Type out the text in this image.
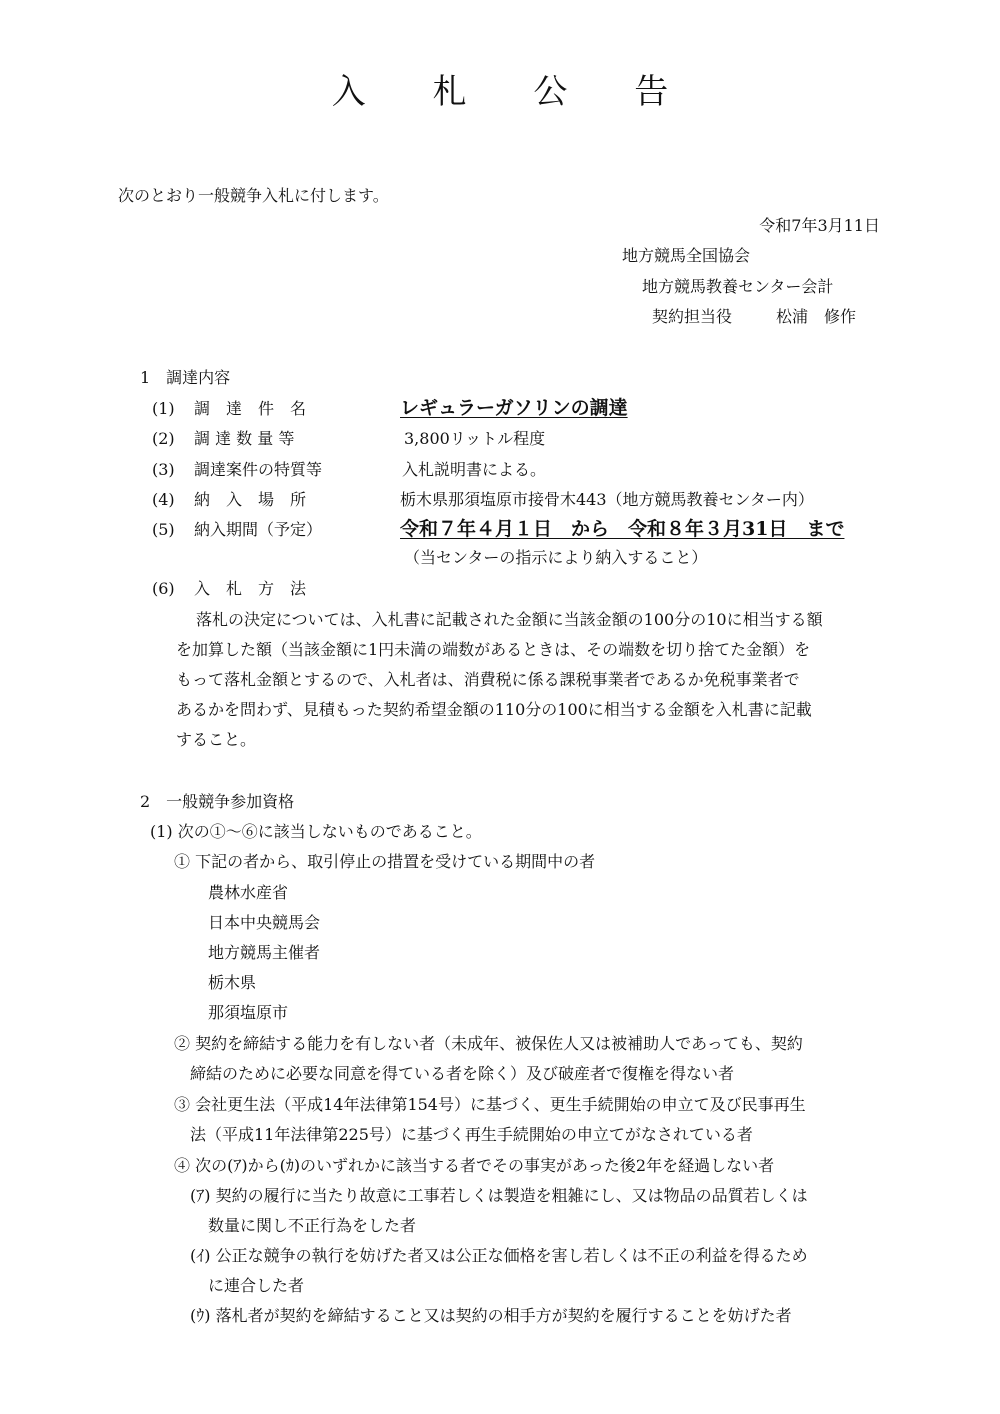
入 札 公 告
次のとおり一般競争入札に付します。
令和7年3月11日
地方競馬全国協会
地方競馬教養センター会計
契約担当役	松浦　修作
1　調達内容
(1) 調　達　件　名	レギュラーガソリンの調達
(2) 調 達 数 量 等	3,800リットル程度
(3) 調達案件の特質等	入札説明書による。
(4) 納　入　場　所	栃木県那須塩原市接骨木443（地方競馬教養センター内）
(5) 納入期間（予定）	令和７年４月１日　から　令和８年３月31日　まで
（当センターの指示により納入すること）
(6) 入　札　方　法
落札の決定については、入札書に記載された金額に当該金額の100分の10に相当する額
を加算した額（当該金額に1円未満の端数があるときは、その端数を切り捨てた金額）を
もって落札金額とするので、入札者は、消費税に係る課税事業者であるか免税事業者で
あるかを問わず、見積もった契約希望金額の110分の100に相当する金額を入札書に記載
すること。
2　一般競争参加資格
(1) 次の①～⑥に該当しないものであること。
① 下記の者から、取引停止の措置を受けている期間中の者
農林水産省
日本中央競馬会
地方競馬主催者
栃木県
那須塩原市
② 契約を締結する能力を有しない者（未成年、被保佐人又は被補助人であっても、契約
締結のために必要な同意を得ている者を除く）及び破産者で復権を得ない者
③ 会社更生法（平成14年法律第154号）に基づく、更生手続開始の申立て及び民事再生
法（平成11年法律第225号）に基づく再生手続開始の申立てがなされている者
④ 次の(ｱ)から(ｶ)のいずれかに該当する者でその事実があった後2年を経過しない者
(ｱ) 契約の履行に当たり故意に工事若しくは製造を粗雑にし、又は物品の品質若しくは
数量に関し不正行為をした者
(ｲ) 公正な競争の執行を妨げた者又は公正な価格を害し若しくは不正の利益を得るため
に連合した者
(ｳ) 落札者が契約を締結すること又は契約の相手方が契約を履行することを妨げた者
